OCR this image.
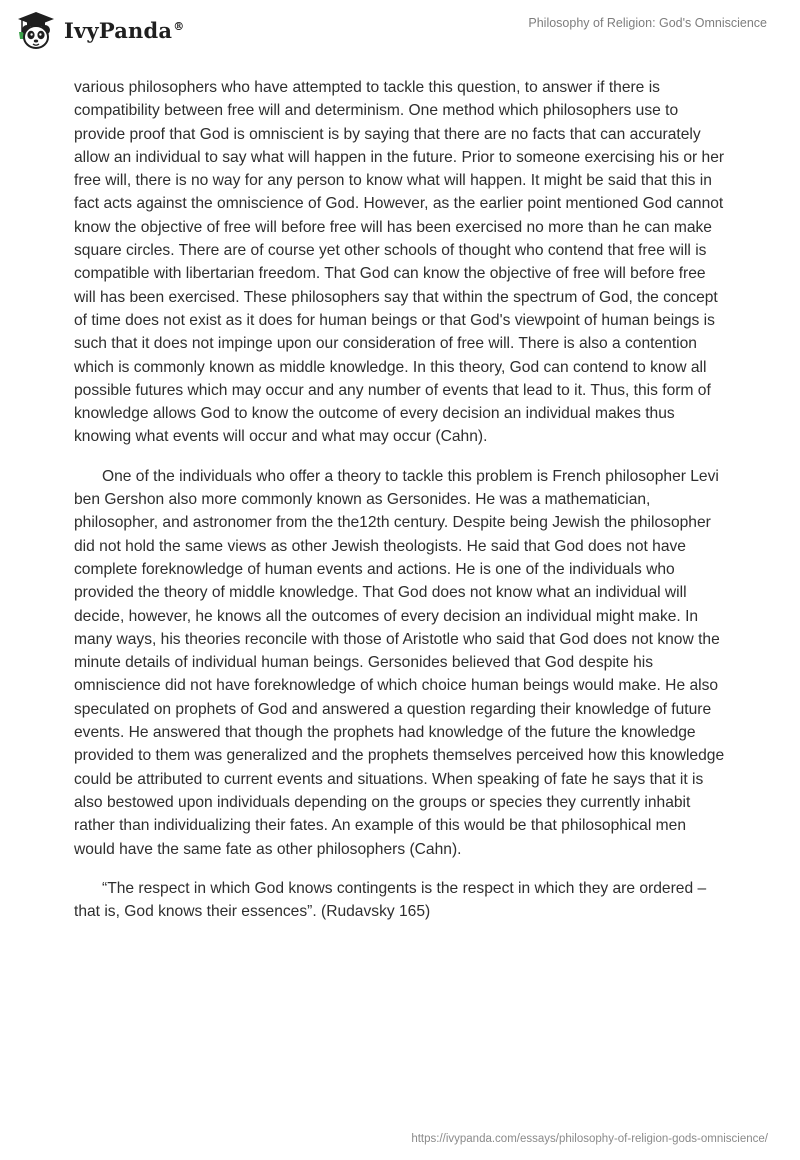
IvyPanda®	Philosophy of Religion: God's Omniscience

various philosophers who have attempted to tackle this question, to answer if there is compatibility between free will and determinism. One method which philosophers use to provide proof that God is omniscient is by saying that there are no facts that can accurately allow an individual to say what will happen in the future. Prior to someone exercising his or her free will, there is no way for any person to know what will happen. It might be said that this in fact acts against the omniscience of God. However, as the earlier point mentioned God cannot know the objective of free will before free will has been exercised no more than he can make square circles. There are of course yet other schools of thought who contend that free will is compatible with libertarian freedom. That God can know the objective of free will before free will has been exercised. These philosophers say that within the spectrum of God, the concept of time does not exist as it does for human beings or that God's viewpoint of human beings is such that it does not impinge upon our consideration of free will. There is also a contention which is commonly known as middle knowledge. In this theory, God can contend to know all possible futures which may occur and any number of events that lead to it. Thus, this form of knowledge allows God to know the outcome of every decision an individual makes thus knowing what events will occur and what may occur (Cahn).

One of the individuals who offer a theory to tackle this problem is French philosopher Levi ben Gershon also more commonly known as Gersonides. He was a mathematician, philosopher, and astronomer from the the12th century. Despite being Jewish the philosopher did not hold the same views as other Jewish theologists. He said that God does not have complete foreknowledge of human events and actions. He is one of the individuals who provided the theory of middle knowledge. That God does not know what an individual will decide, however, he knows all the outcomes of every decision an individual might make. In many ways, his theories reconcile with those of Aristotle who said that God does not know the minute details of individual human beings. Gersonides believed that God despite his omniscience did not have foreknowledge of which choice human beings would make. He also speculated on prophets of God and answered a question regarding their knowledge of future events. He answered that though the prophets had knowledge of the future the knowledge provided to them was generalized and the prophets themselves perceived how this knowledge could be attributed to current events and situations. When speaking of fate he says that it is also bestowed upon individuals depending on the groups or species they currently inhabit rather than individualizing their fates. An example of this would be that philosophical men would have the same fate as other philosophers (Cahn).

“The respect in which God knows contingents is the respect in which they are ordered – that is, God knows their essences”. (Rudavsky 165)

https://ivypanda.com/essays/philosophy-of-religion-gods-omniscience/
